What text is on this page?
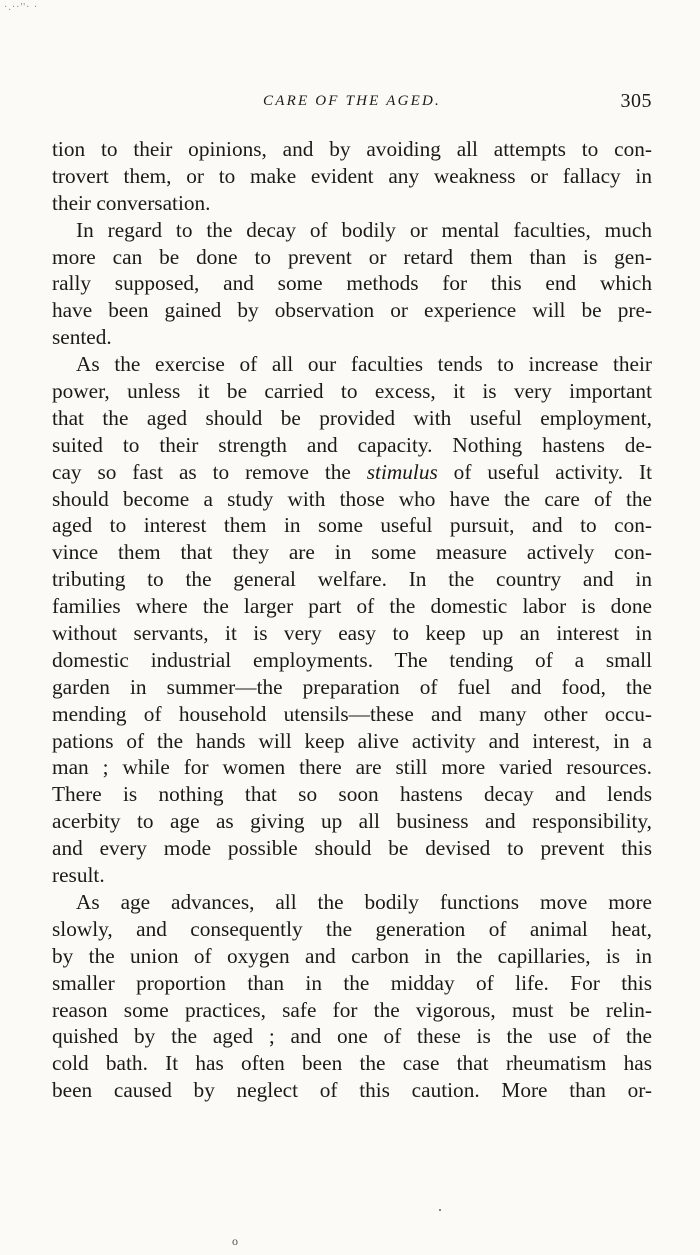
·.··''· ·
CARE OF THE AGED.	305
tion to their opinions, and by avoiding all attempts to con-
trovert them, or to make evident any weakness or fallacy in
their conversation.
In regard to the decay of bodily or mental faculties, much
more can be done to prevent or retard them than is gen-
rally supposed, and some methods for this end which
have been gained by observation or experience will be pre-
sented.
As the exercise of all our faculties tends to increase their
power, unless it be carried to excess, it is very important
that the aged should be provided with useful employment,
suited to their strength and capacity. Nothing hastens de-
cay so fast as to remove the stimulus of useful activity. It
should become a study with those who have the care of the
aged to interest them in some useful pursuit, and to con-
vince them that they are in some measure actively con-
tributing to the general welfare. In the country and in
families where the larger part of the domestic labor is done
without servants, it is very easy to keep up an interest in
domestic industrial employments. The tending of a small
garden in summer—the preparation of fuel and food, the
mending of household utensils—these and many other occu-
pations of the hands will keep alive activity and interest, in a
man ; while for women there are still more varied resources.
There is nothing that so soon hastens decay and lends
acerbity to age as giving up all business and responsibility,
and every mode possible should be devised to prevent this
result.
As age advances, all the bodily functions move more
slowly, and consequently the generation of animal heat,
by the union of oxygen and carbon in the capillaries, is in
smaller proportion than in the midday of life. For this
reason some practices, safe for the vigorous, must be relin-
quished by the aged ; and one of these is the use of the
cold bath. It has often been the case that rheumatism has
been caused by neglect of this caution. More than or-
.
o
